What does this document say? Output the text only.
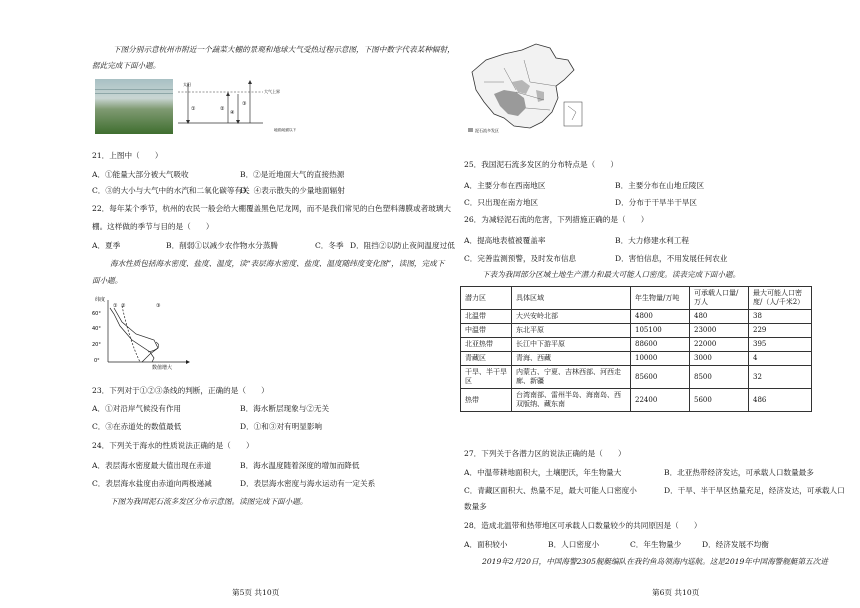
下图分别示意杭州市附近一个蔬菜大棚的景观和地球大气受热过程示意图，下图中数字代表某种辐射，
据此完成下面小题。
太阳
大气上界
地面/地面以下
①	②
④
③
21．上图中（　　）
A．①能量大部分被大气吸收	B．②是近地面大气的直接热源
C．③的大小与大气中的水汽和二氧化碳等有关
D．④表示散失的少量地面辐射
22．每年某个季节，杭州的农民一般会给大棚覆盖黑色尼龙网，而不是我们常见的白色塑料薄膜或者玻璃大
棚。这样做的季节与目的是（　　）
A．夏季	B．削弱①以减少农作物水分蒸腾	C．冬季 D．阻挡②以防止夜间温度过低
海水性质包括海水密度、盐度、温度，读“表层海水密度、盐度、温度随纬度变化图”，读图，完成下
面小题。
纬度
60°
40°
20°
0°
① ②	③
数值增大
23．下列对于①②③条线的判断，正确的是（　　）
A．①对沿岸气候没有作用	B．海水断层现象与②无关
C．③在赤道处的数值最低	D．①和③对有明显影响
24．下列关于海水的性质说法正确的是（　　）
A．表层海水密度最大值出现在赤道	B．海水温度随着深度的增加而降低
C．表层海水盐度由赤道向两极递减	D．表层海水密度与海水运动有一定关系
下图为我国泥石流多发区分布示意图。读图完成下面小题。
第5页 共10页
泥石流多发区
25．我国泥石流多发区的分布特点是（　　）
A．主要分布在西南地区	B．主要分布在山地丘陵区
C．只出现在南方地区	D．分布于干旱半干旱区
26．为减轻泥石流的危害，下列措施正确的是（　　）
A．提高地表植被覆盖率	B．大力修建水利工程
C．完善监测预警，及时发布信息	D．害怕信息，不用发展任何农业
下表为我国部分区域土地生产潜力和最大可能人口密度。读表完成下面小题。
27．下列关于各潜力区的说法正确的是（　　）
A．中温带耕地面积大，土壤肥沃，年生物量大	B．北亚热带经济发达，可承载人口数量最多
C．青藏区面积大、热量不足，最大可能人口密度小	D．干旱、半干旱区热量充足，经济发达，可承载人口
数量多
28．造成北温带和热带地区可承载人口数量较少的共同原因是（　　）
A．面积较小	B．人口密度小	C．年生物量少	D．经济发展不均衡
2019年2月20日，中国海警2305舰艇编队在我钓鱼岛领海内巡航。这是2019年中国海警舰艇第五次进
第6页 共10页
潜力区	具体区域	年生物量/万吨	可承载人口量/万人	最大可能人口密度/（人/千米2）
北温带	大兴安岭北部	4800	480	38
中温带	东北平原	105100	23000	229
北亚热带	长江中下游平原	88600	22000	395
青藏区	青海、西藏	10000	3000	4
干旱、半干旱区	内蒙古、宁夏、吉林西部、河西走廊、新疆	85600	8500	32
热带	台湾南部、雷州半岛、海南岛、西双版纳、藏东南	22400	5600	486
